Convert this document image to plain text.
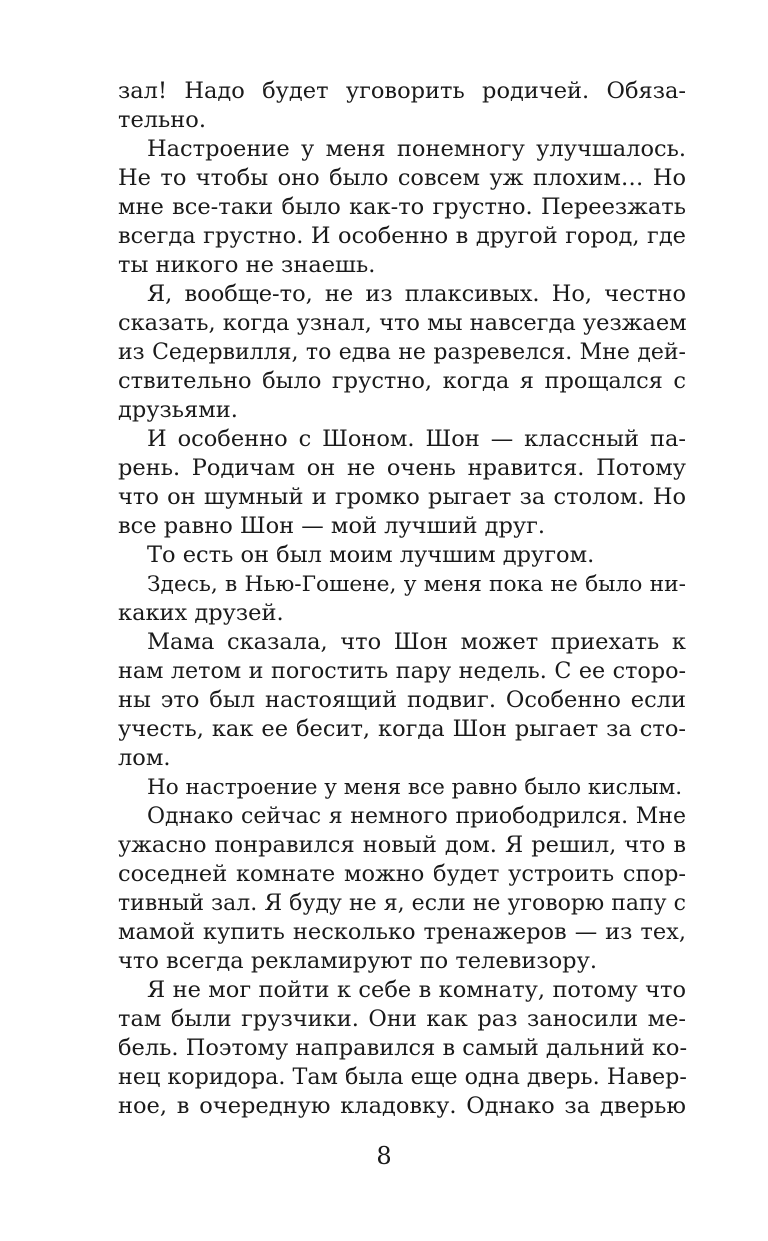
зал! Надо будет уговорить родичей. Обяза-
тельно.
Настроение у меня понемногу улучшалось.
Не то чтобы оно было совсем уж плохим… Но
мне все-таки было как-то грустно. Переезжать
всегда грустно. И особенно в другой город, где
ты никого не знаешь.
Я, вообще-то, не из плаксивых. Но, честно
сказать, когда узнал, что мы навсегда уезжаем
из Седервилля, то едва не разревелся. Мне дей-
ствительно было грустно, когда я прощался с
друзьями.
И особенно с Шоном. Шон — классный па-
рень. Родичам он не очень нравится. Потому
что он шумный и громко рыгает за столом. Но
все равно Шон — мой лучший друг.
То есть он был моим лучшим другом.
Здесь, в Нью-Гошене, у меня пока не было ни-
каких друзей.
Мама сказала, что Шон может приехать к
нам летом и погостить пару недель. С ее сторо-
ны это был настоящий подвиг. Особенно если
учесть, как ее бесит, когда Шон рыгает за сто-
лом.
Но настроение у меня все равно было кислым.
Однако сейчас я немного приободрился. Мне
ужасно понравился новый дом. Я решил, что в
соседней комнате можно будет устроить спор-
тивный зал. Я буду не я, если не уговорю папу с
мамой купить несколько тренажеров — из тех,
что всегда рекламируют по телевизору.
Я не мог пойти к себе в комнату, потому что
там были грузчики. Они как раз заносили ме-
бель. Поэтому направился в самый дальний ко-
нец коридора. Там была еще одна дверь. Навер-
ное, в очередную кладовку. Однако за дверью
8
